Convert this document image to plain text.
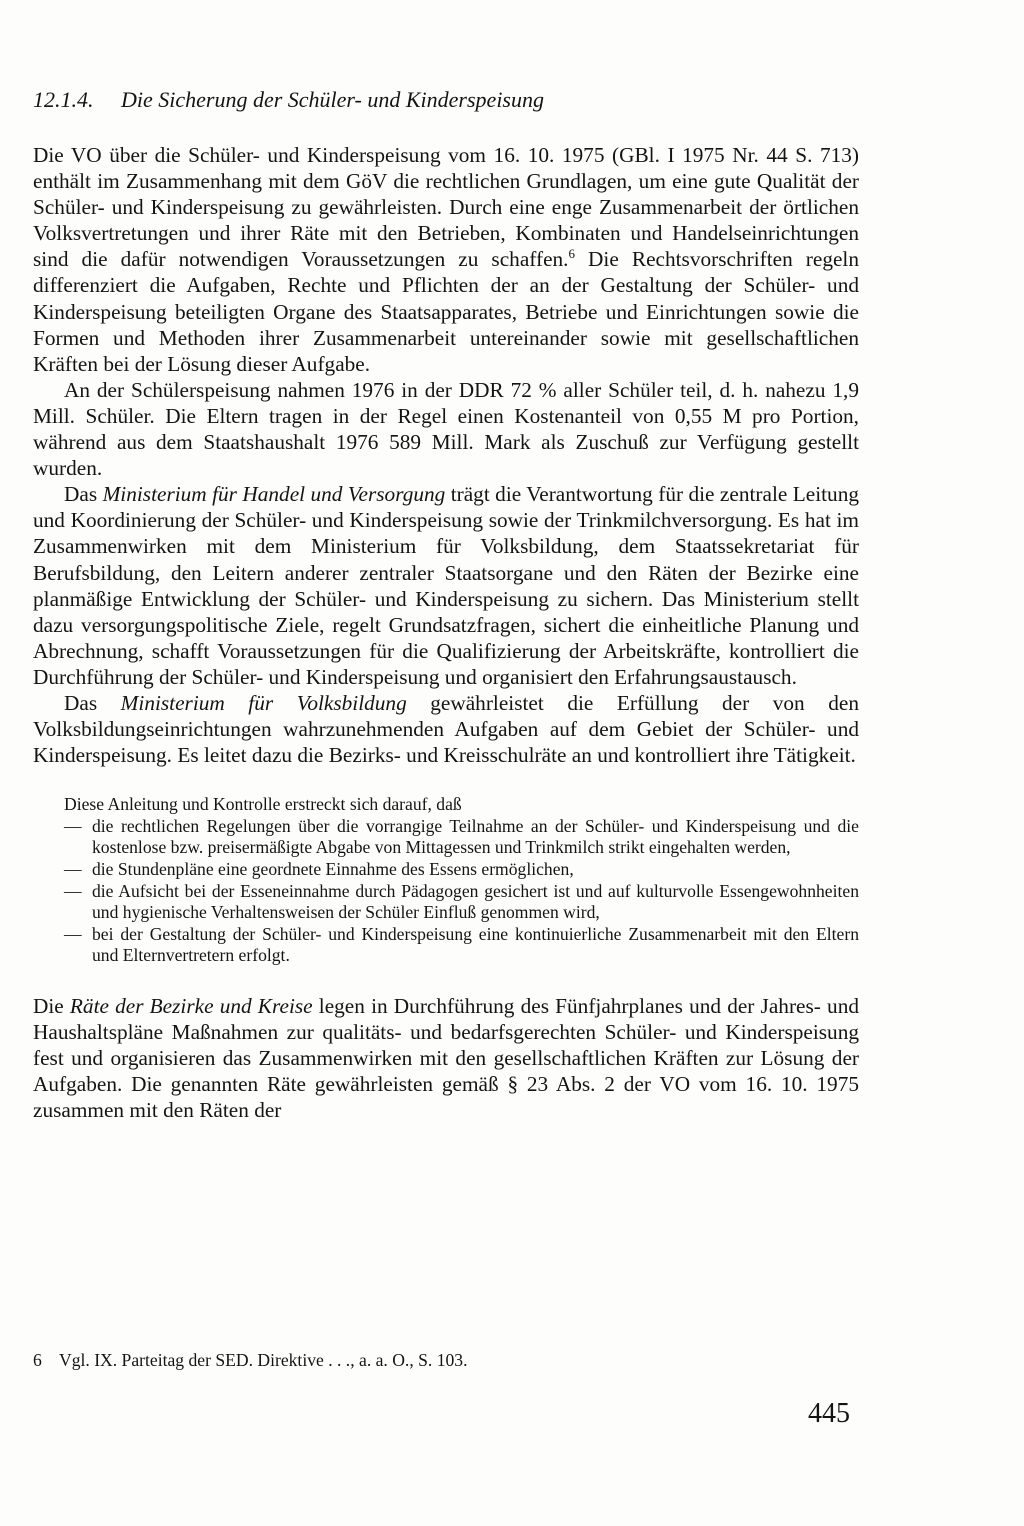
12.1.4. Die Sicherung der Schüler- und Kinderspeisung

Die VO über die Schüler- und Kinderspeisung vom 16. 10. 1975 (GBl. I 1975 Nr. 44 S. 713) enthält im Zusammenhang mit dem GöV die rechtlichen Grundlagen, um eine gute Qualität der Schüler- und Kinderspeisung zu gewährleisten. Durch eine enge Zusammenarbeit der örtlichen Volksvertretungen und ihrer Räte mit den Betrieben, Kombinaten und Handelseinrichtungen sind die dafür notwendigen Voraussetzungen zu schaffen.$^6$ Die Rechtsvorschriften regeln differenziert die Aufgaben, Rechte und Pflichten der an der Gestaltung der Schüler- und Kinderspeisung beteiligten Organe des Staatsapparates, Betriebe und Einrichtungen sowie die Formen und Methoden ihrer Zusammenarbeit untereinander sowie mit gesellschaftlichen Kräften bei der Lösung dieser Aufgabe.

An der Schülerspeisung nahmen 1976 in der DDR 72 % aller Schüler teil, d. h. nahezu 1,9 Mill. Schüler. Die Eltern tragen in der Regel einen Kostenanteil von 0,55 M pro Portion, während aus dem Staatshaushalt 1976 589 Mill. Mark als Zuschuß zur Verfügung gestellt wurden.

Das Ministerium für Handel und Versorgung trägt die Verantwortung für die zentrale Leitung und Koordinierung der Schüler- und Kinderspeisung sowie der Trinkmilchversorgung. Es hat im Zusammenwirken mit dem Ministerium für Volksbildung, dem Staatssekretariat für Berufsbildung, den Leitern anderer zentraler Staatsorgane und den Räten der Bezirke eine planmäßige Entwicklung der Schüler- und Kinderspeisung zu sichern. Das Ministerium stellt dazu versorgungspolitische Ziele, regelt Grundsatzfragen, sichert die einheitliche Planung und Abrechnung, schafft Voraussetzungen für die Qualifizierung der Arbeitskräfte, kontrolliert die Durchführung der Schüler- und Kinderspeisung und organisiert den Erfahrungsaustausch.

Das Ministerium für Volksbildung gewährleistet die Erfüllung der von den Volksbildungseinrichtungen wahrzunehmenden Aufgaben auf dem Gebiet der Schüler- und Kinderspeisung. Es leitet dazu die Bezirks- und Kreisschulräte an und kontrolliert ihre Tätigkeit.

Diese Anleitung und Kontrolle erstreckt sich darauf, daß

— die rechtlichen Regelungen über die vorrangige Teilnahme an der Schüler- und Kinderspeisung und die kostenlose bzw. preisermäßigte Abgabe von Mittagessen und Trinkmilch strikt eingehalten werden,
— die Stundenpläne eine geordnete Einnahme des Essens ermöglichen,
— die Aufsicht bei der Esseneinnahme durch Pädagogen gesichert ist und auf kulturvolle Essengewohnheiten und hygienische Verhaltensweisen der Schüler Einfluß genommen wird,
— bei der Gestaltung der Schüler- und Kinderspeisung eine kontinuierliche Zusammenarbeit mit den Eltern und Elternvertretern erfolgt.

Die Räte der Bezirke und Kreise legen in Durchführung des Fünfjahrplanes und der Jahres- und Haushaltspläne Maßnahmen zur qualitäts- und bedarfsgerechten Schüler- und Kinderspeisung fest und organisieren das Zusammenwirken mit den gesellschaftlichen Kräften zur Lösung der Aufgaben. Die genannten Räte gewährleisten gemäß § 23 Abs. 2 der VO vom 16. 10. 1975 zusammen mit den Räten der

6 Vgl. IX. Parteitag der SED. Direktive . . ., a. a. O., S. 103.
445
